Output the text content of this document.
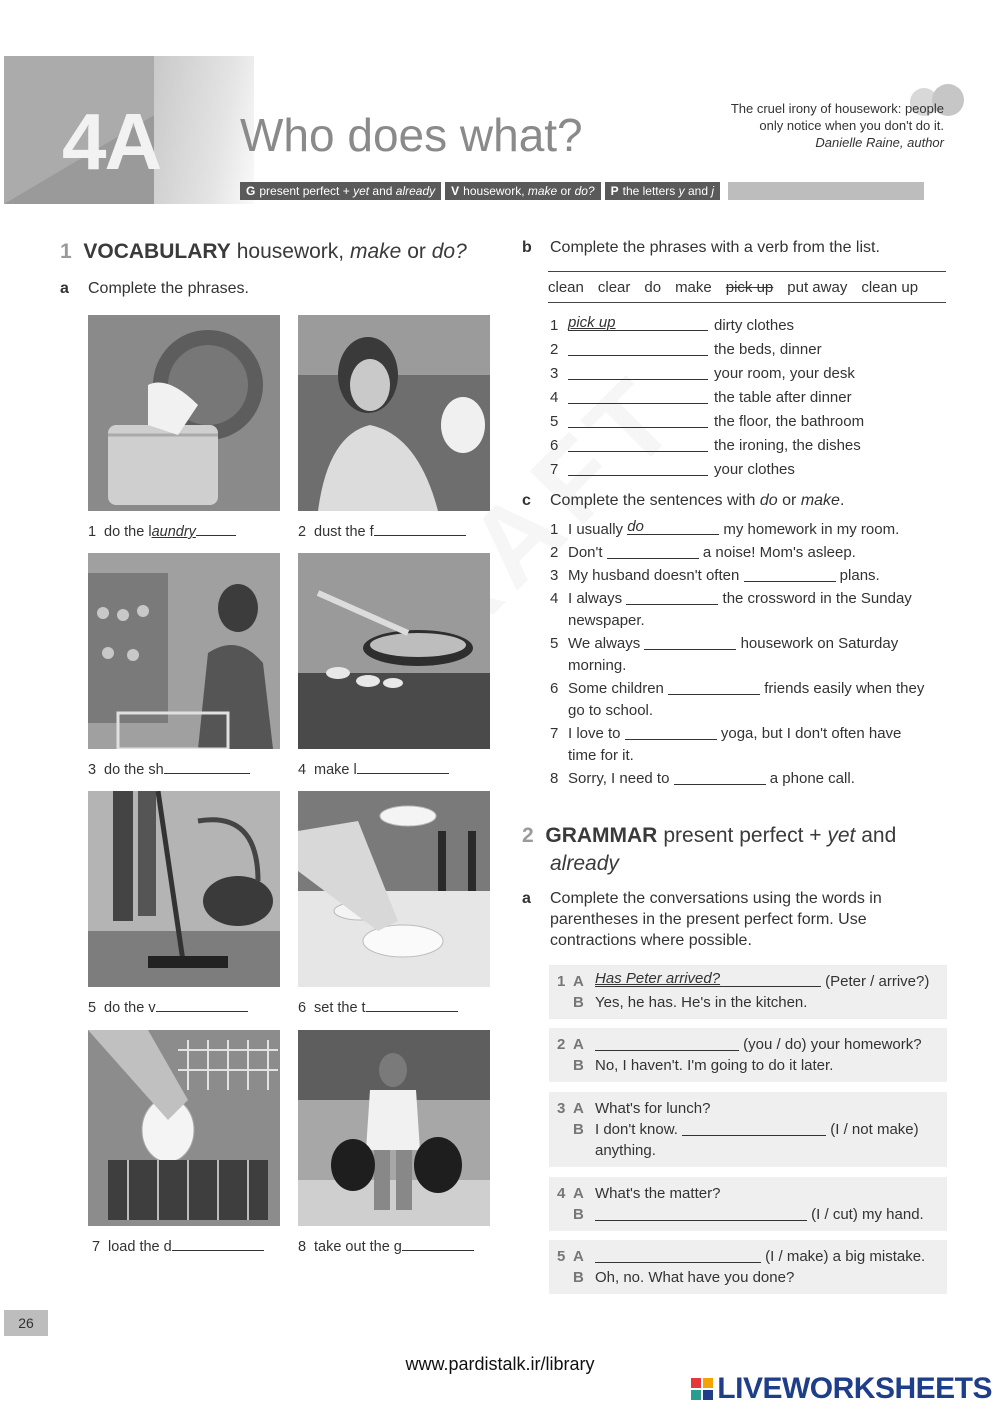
4A Who does what?
The cruel irony of housework: people
only notice when you don't do it.
Danielle Raine, author
G present perfect + yet and already	V housework, make or do?	P the letters y and j
1 VOCABULARY housework, make or do?
a Complete the phrases.
1 do the laundry	2 dust the f
3 do the sh	4 make l
5 do the v	6 set the t
7 load the d	8 take out the g
b Complete the phrases with a verb from the list.
clean clear do make pick up put away clean up
1 pick up	dirty clothes
2	the beds, dinner
3	your room, your desk
4	the table after dinner
5	the floor, the bathroom
6	the ironing, the dishes
7	your clothes
c Complete the sentences with do or make.
1 I usually do	my homework in my room.
2 Don't	a noise! Mom's asleep.
3 My husband doesn't often	plans.
4 I always	the crossword in the Sunday
newspaper.
5 We always	housework on Saturday
morning.
6 Some children	friends easily when they
go to school.
7 I love to	yoga, but I don't often have
time for it.
8 Sorry, I need to	a phone call.
2 GRAMMAR present perfect + yet and
already
a Complete the conversations using the words in
parentheses in the present perfect form. Use
contractions where possible.
1 A Has Peter arrived?	(Peter / arrive?)
B Yes, he has. He's in the kitchen.
2 A	(you / do) your homework?
B No, I haven't. I'm going to do it later.
3 A What's for lunch?
B I don't know.	(I / not make)
anything.
4 A What's the matter?
B	(I / cut) my hand.
5 A	(I / make) a big mistake.
B Oh, no. What have you done?
26
www.pardistalk.ir/library
LIVEWORKSHEETS
